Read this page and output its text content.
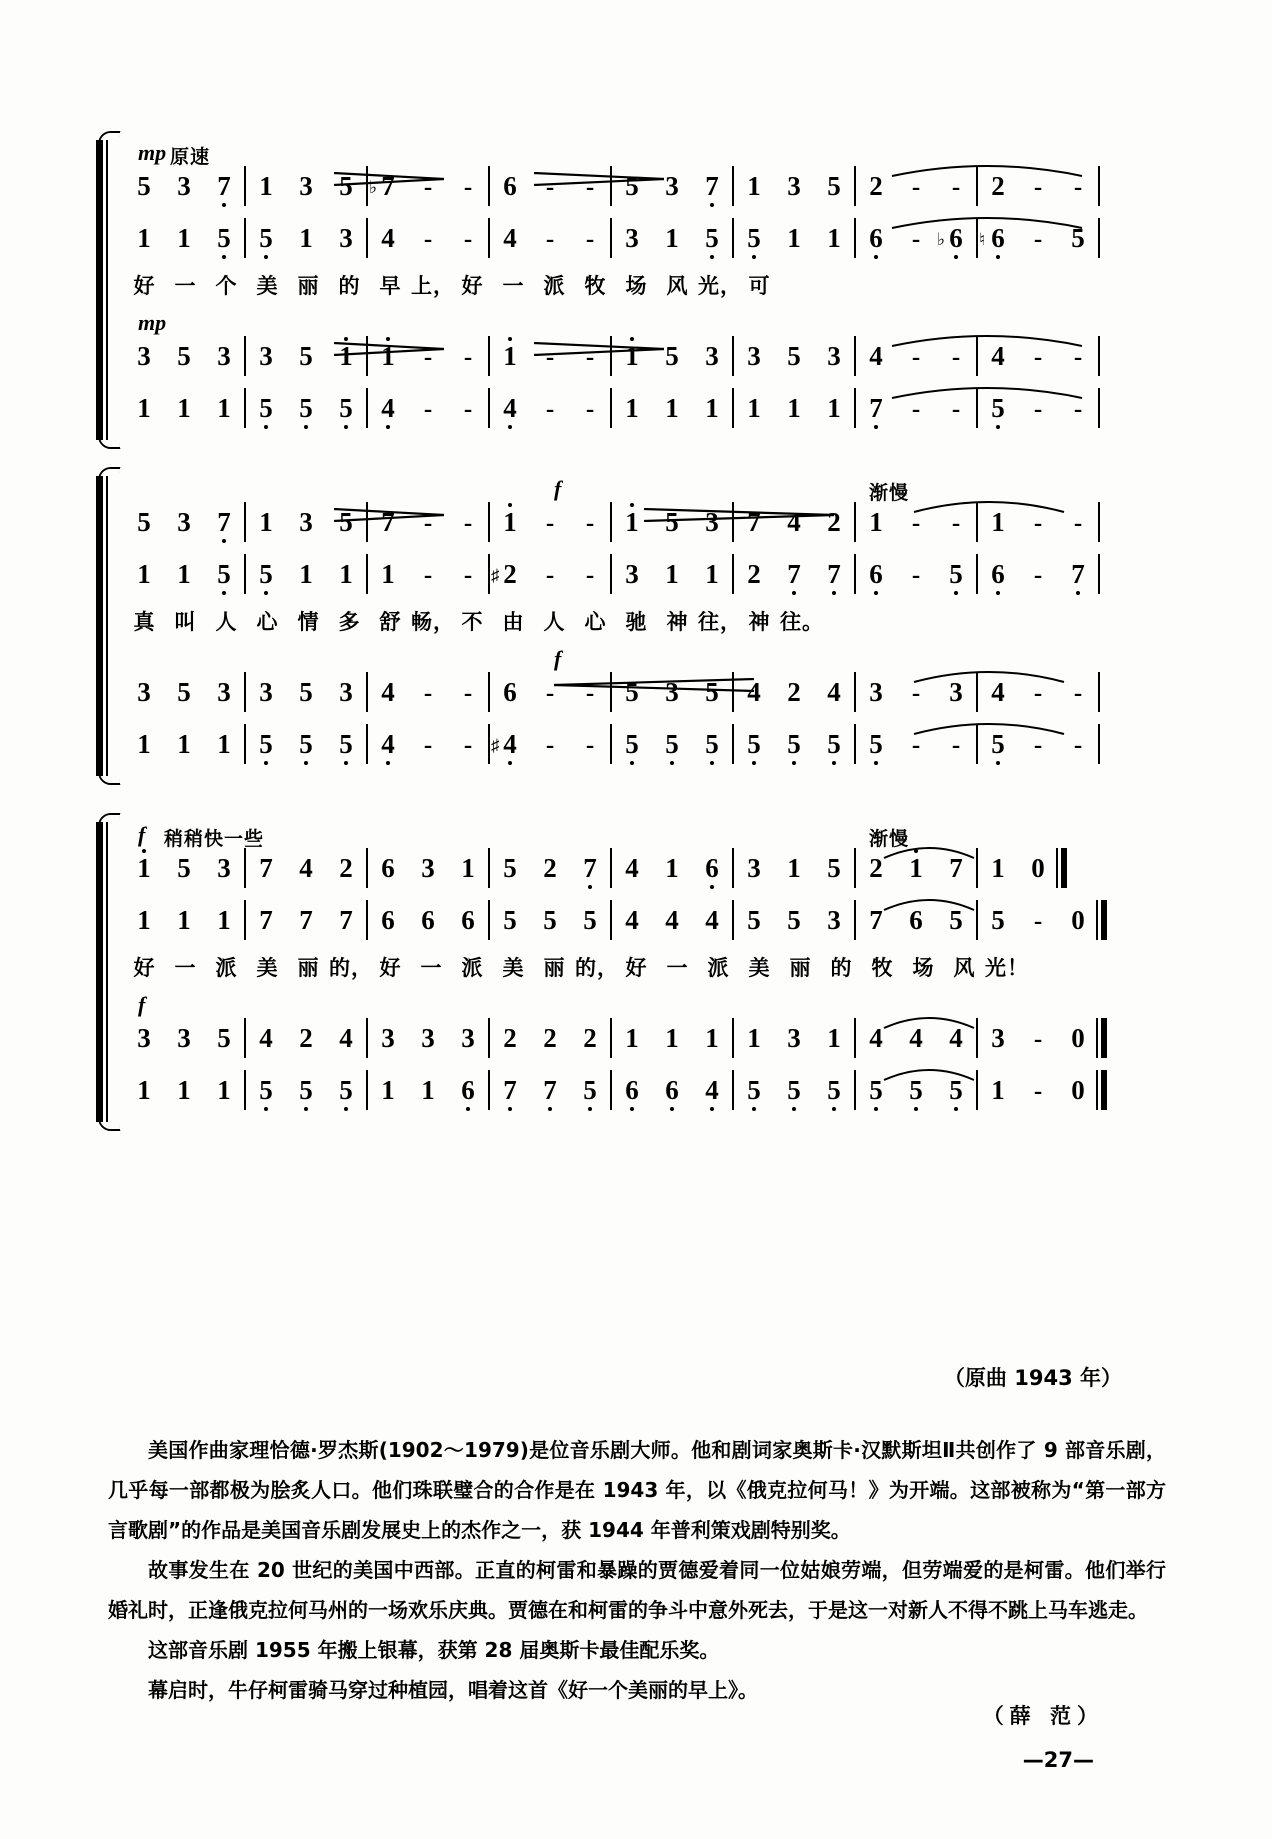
mp 原速
5 3 7 1 3 5 7
♭ - - 6 - - 5 3 7 1 3 5 2 - - 2 - -
1 1 5 5 1 3 4 - - 4 - - 3 1 5 5 1 1 6 - 6
♭ 6
♮ - 5
好 一 个 美 丽 的 早 上， 好 一 派 牧 场 风 光， 可
mp
3 5 3 3 5 1 1 - - 1 - - 1 5 3 3 5 3 4 - - 4 - -
1 1 1 5 5 5 4 - - 4 - - 1 1 1 1 1 1 7 - - 5 - -
f	渐慢
5 3 7 1 3 5 7 - - 1 - - 1 5 3 7 4 2 1 - - 1 - -
1 1 5 5 1 1 1 - - 2
♯ - - 3 1 1 2 7 7 6 - 5 6 - 7
真 叫 人 心 情 多 舒 畅， 不 由 人 心 驰 神 往， 神 往。
f
3 5 3 3 5 3 4 - - 6 - - 5 3 5 4 2 4 3 - 3 4 - -
1 1 1 5 5 5 4 - - 4
♯ - - 5 5 5 5 5 5 5 - - 5 - -
f 稍稍快一些	渐慢
1 5 3 7 4 2 6 3 1 5 2 7 4 1 6 3 1 5 2 1 7 1 0
1 1 1 7 7 7 6 6 6 5 5 5 4 4 4 5 5 3 7 6 5 5 - 0
好 一 派 美 丽 的， 好 一 派 美 丽 的， 好 一 派 美 丽 的 牧 场 风 光！
f
3 3 5 4 2 4 3 3 3 2 2 2 1 1 1 1 3 1 4 4 4 3 - 0
1 1 1 5 5 5 1 1 6 7 7 5 6 6 4 5 5 5 5 5 5 1 - 0
（原曲 1943 年）

美国作曲家理恰德·罗杰斯(1902～1979)是位音乐剧大师。他和剧词家奥斯卡·汉默斯坦Ⅱ共创作了 9 部音乐剧，几乎每一部都极为脍炙人口。他们珠联璧合的合作是在 1943 年，以《俄克拉何马！》为开端。这部被称为“第一部方言歌剧”的作品是美国音乐剧发展史上的杰作之一，获 1944 年普利策戏剧特别奖。

故事发生在 20 世纪的美国中西部。正直的柯雷和暴躁的贾德爱着同一位姑娘劳端，但劳端爱的是柯雷。他们举行婚礼时，正逢俄克拉何马州的一场欢乐庆典。贾德在和柯雷的争斗中意外死去，于是这一对新人不得不跳上马车逃走。

这部音乐剧 1955 年搬上银幕，获第 28 届奥斯卡最佳配乐奖。

幕启时，牛仔柯雷骑马穿过种植园，唱着这首《好一个美丽的早上》。

（薛 范）
—27—
